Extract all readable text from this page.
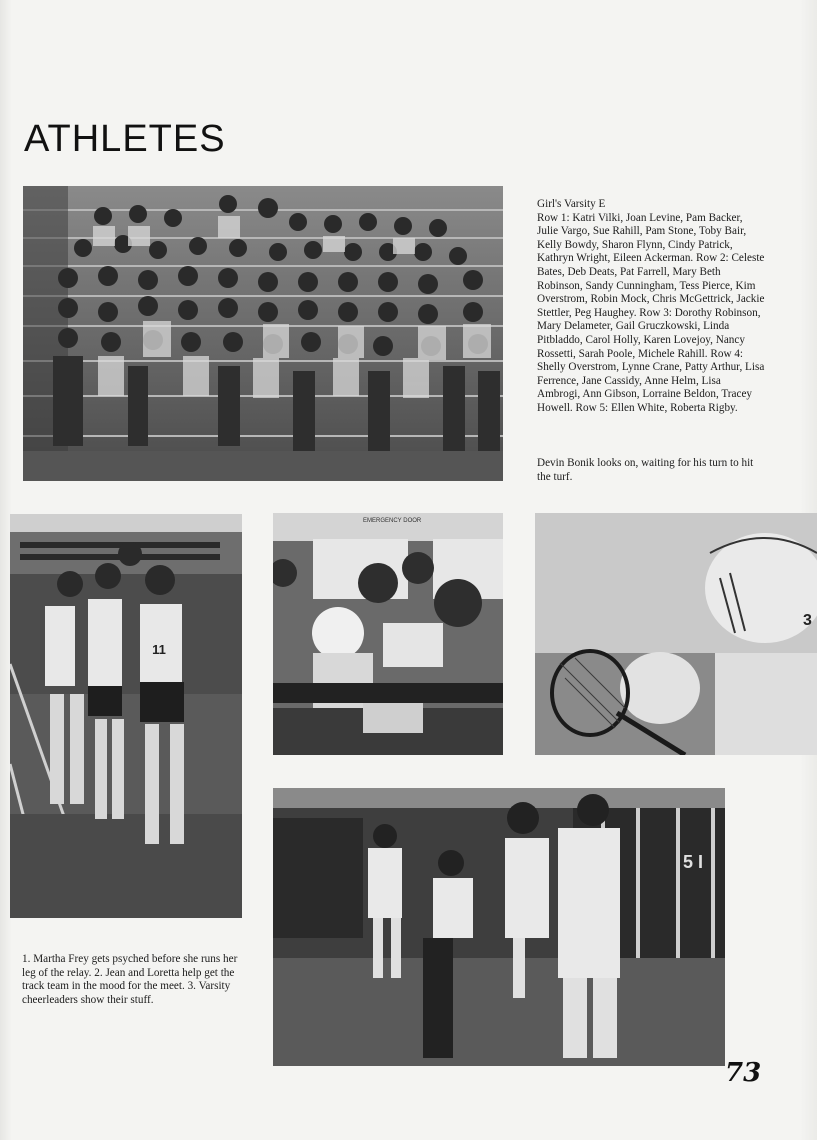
ATHLETES

Girl's Varsity E

Row 1: Katri Vilki, Joan Levine, Pam Backer, Julie Vargo, Sue Rahill, Pam Stone, Toby Bair, Kelly Bowdy, Sharon Flynn, Cindy Patrick, Kathryn Wright, Eileen Ackerman. Row 2: Celeste Bates, Deb Deats, Pat Farrell, Mary Beth Robinson, Sandy Cunningham, Tess Pierce, Kim Overstrom, Robin Mock, Chris McGettrick, Jackie Stettler, Peg Haughey. Row 3: Dorothy Robinson, Mary Delameter, Gail Gruczkowski, Linda Pitbladdo, Carol Holly, Karen Lovejoy, Nancy Rossetti, Sarah Poole, Michele Rahill. Row 4: Shelly Overstrom, Lynne Crane, Patty Arthur, Lisa Ferrence, Jane Cassidy, Anne Helm, Lisa Ambrogi, Ann Gibson, Lorraine Beldon, Tracey Howell. Row 5: Ellen White, Roberta Rigby.

Devin Bonik looks on, waiting for his turn to hit the turf.

11
EMERGENCY DOOR
3
5 I

1. Martha Frey gets psyched before she runs her leg of the relay. 2. Jean and Loretta help get the track team in the mood for the meet. 3. Varsity cheerleaders show their stuff.

73
